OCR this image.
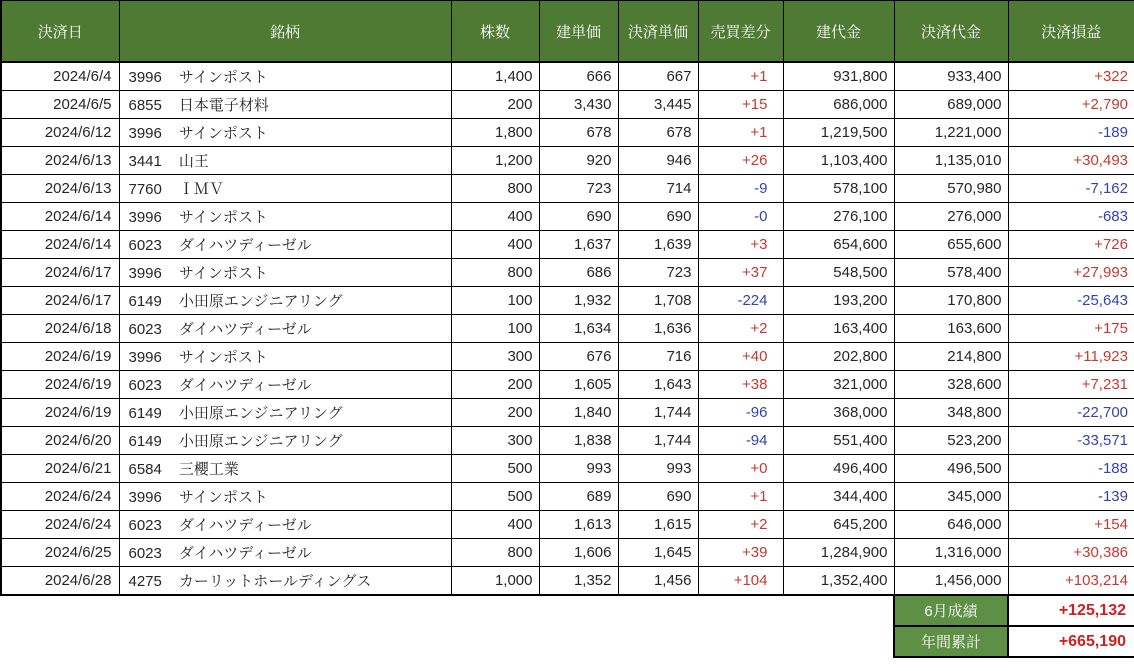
決済日	銘柄	株数	建単価	決済単価	売買差分	建代金	決済代金	決済損益
2024/6/4	3996 サインポスト	1,400	666	667	+1	931,800	933,400	+322
2024/6/5	6855 日本電子材料	200	3,430	3,445	+15	686,000	689,000	+2,790
2024/6/12	3996 サインポスト	1,800	678	678	+1	1,219,500	1,221,000	-189
2024/6/13	3441 山王	1,200	920	946	+26	1,103,400	1,135,010	+30,493
2024/6/13	7760 ＩＭＶ	800	723	714	-9	578,100	570,980	-7,162
2024/6/14	3996 サインポスト	400	690	690	-0	276,100	276,000	-683
2024/6/14	6023 ダイハツディーゼル	400	1,637	1,639	+3	654,600	655,600	+726
2024/6/17	3996 サインポスト	800	686	723	+37	548,500	578,400	+27,993
2024/6/17	6149 小田原エンジニアリング	100	1,932	1,708	-224	193,200	170,800	-25,643
2024/6/18	6023 ダイハツディーゼル	100	1,634	1,636	+2	163,400	163,600	+175
2024/6/19	3996 サインポスト	300	676	716	+40	202,800	214,800	+11,923
2024/6/19	6023 ダイハツディーゼル	200	1,605	1,643	+38	321,000	328,600	+7,231
2024/6/19	6149 小田原エンジニアリング	200	1,840	1,744	-96	368,000	348,800	-22,700
2024/6/20	6149 小田原エンジニアリング	300	1,838	1,744	-94	551,400	523,200	-33,571
2024/6/21	6584 三櫻工業	500	993	993	+0	496,400	496,500	-188
2024/6/24	3996 サインポスト	500	689	690	+1	344,400	345,000	-139
2024/6/24	6023 ダイハツディーゼル	400	1,613	1,615	+2	645,200	646,000	+154
2024/6/25	6023 ダイハツディーゼル	800	1,606	1,645	+39	1,284,900	1,316,000	+30,386
2024/6/28	4275 カーリットホールディングス	1,000	1,352	1,456	+104	1,352,400	1,456,000	+103,214
							6月成績	+125,132
							年間累計	+665,190
